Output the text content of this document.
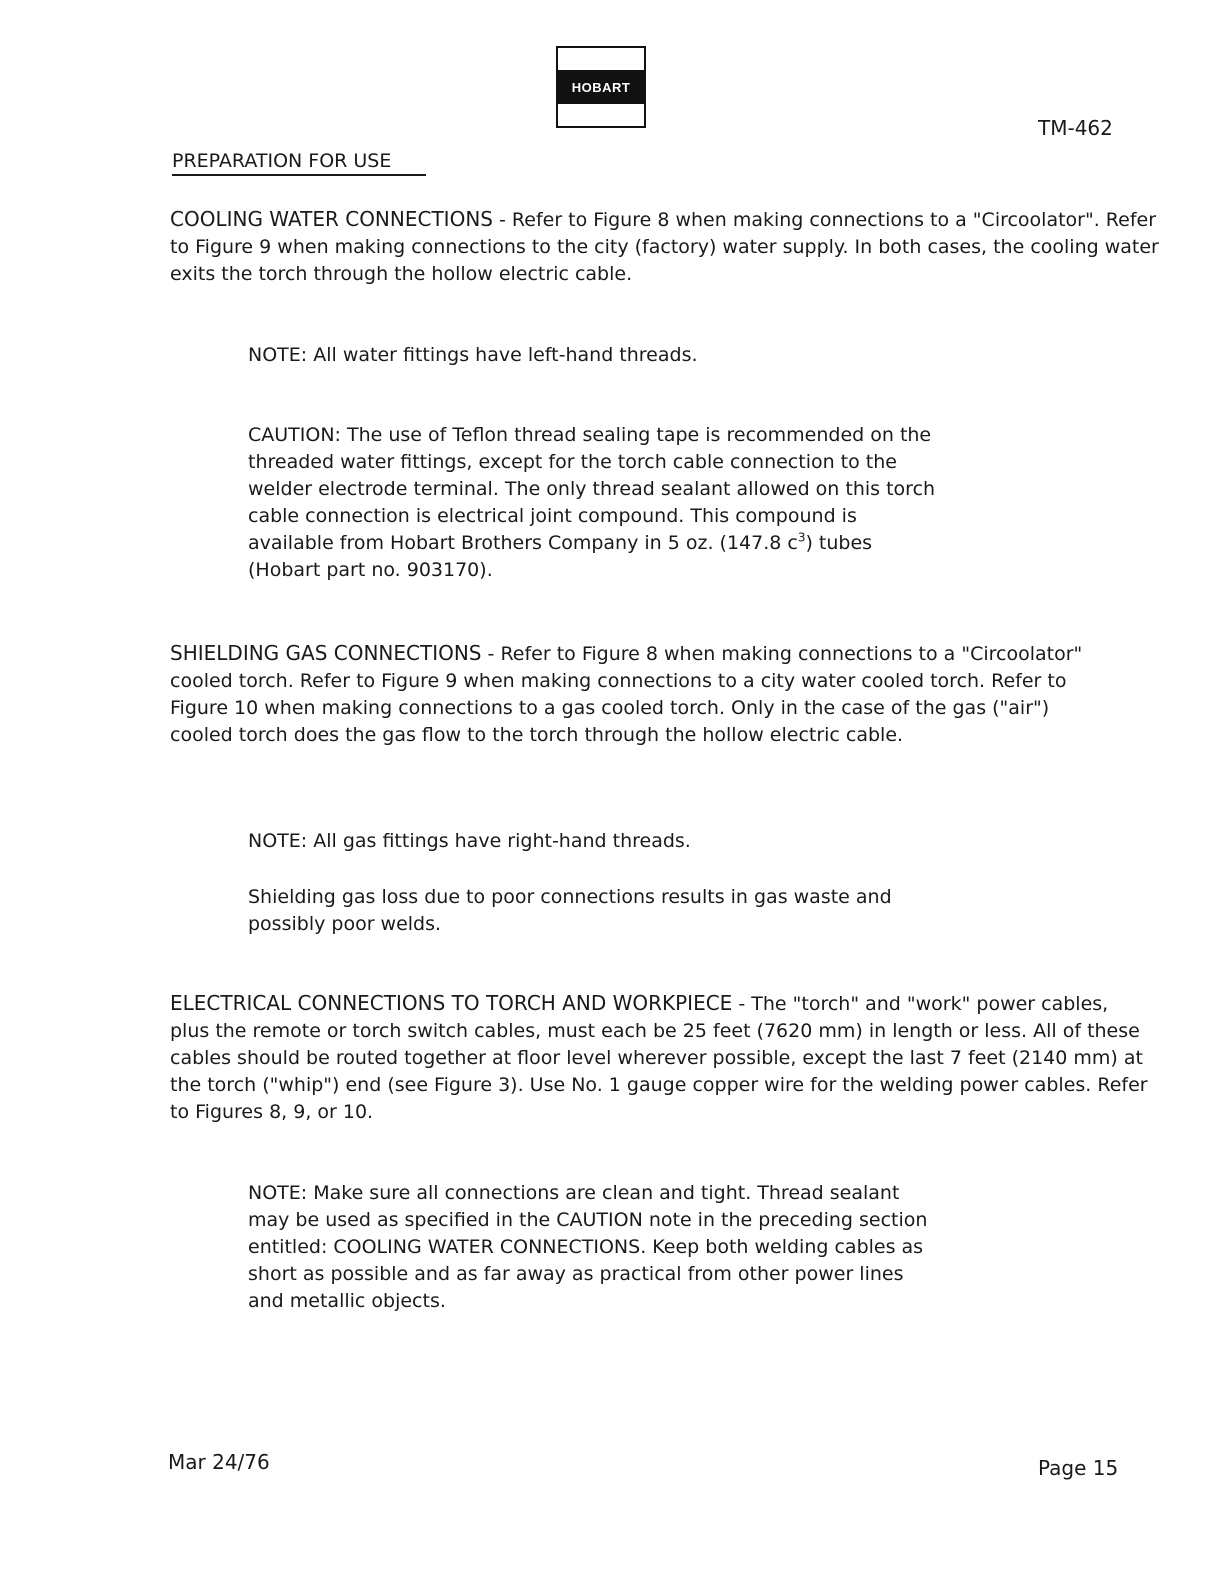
HOBART
TM-462
PREPARATION FOR USE

COOLING WATER CONNECTIONS - Refer to Figure 8 when making connections to a "Circoolator". Refer to Figure 9 when making connections to the city (factory) water supply. In both cases, the cooling water exits the torch through the hollow electric cable.

NOTE: All water fittings have left-hand threads.

CAUTION: The use of Teflon thread sealing tape is recommended on the threaded water fittings, except for the torch cable connection to the welder electrode terminal. The only thread sealant allowed on this torch cable connection is electrical joint compound. This compound is available from Hobart Brothers Company in 5 oz. (147.8 $c^3$) tubes (Hobart part no. 903170).

SHIELDING GAS CONNECTIONS - Refer to Figure 8 when making connections to a "Circoolator" cooled torch. Refer to Figure 9 when making connections to a city water cooled torch. Refer to Figure 10 when making connections to a gas cooled torch. Only in the case of the gas ("air") cooled torch does the gas flow to the torch through the hollow electric cable.

NOTE: All gas fittings have right-hand threads.

Shielding gas loss due to poor connections results in gas waste and possibly poor welds.

ELECTRICAL CONNECTIONS TO TORCH AND WORKPIECE - The "torch" and "work" power cables, plus the remote or torch switch cables, must each be 25 feet (7620 mm) in length or less. All of these cables should be routed together at floor level wherever possible, except the last 7 feet (2140 mm) at the torch ("whip") end (see Figure 3). Use No. 1 gauge copper wire for the welding power cables. Refer to Figures 8, 9, or 10.

NOTE: Make sure all connections are clean and tight. Thread sealant may be used as specified in the CAUTION note in the preceding section entitled: COOLING WATER CONNECTIONS. Keep both welding cables as short as possible and as far away as practical from other power lines and metallic objects.

Mar 24/76	Page 15
